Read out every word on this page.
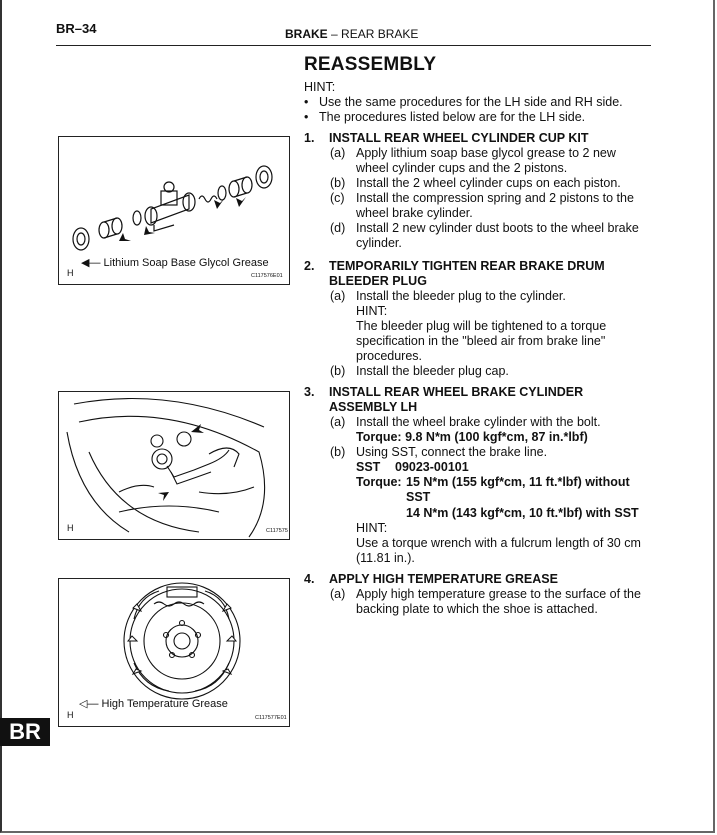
BR–34	BRAKE – REAR BRAKE
REASSEMBLY
HINT:
• Use the same procedures for the LH side and RH side.
• The procedures listed below are for the LH side.
1. INSTALL REAR WHEEL CYLINDER CUP KIT
(a) Apply lithium soap base glycol grease to 2 new
wheel cylinder cups and the 2 pistons.
(b) Install the 2 wheel cylinder cups on each piston.
(c) Install the compression spring and 2 pistons to the
wheel brake cylinder.
(d) Install 2 new cylinder dust boots to the wheel brake
cylinder.
2. TEMPORARILY TIGHTEN REAR BRAKE DRUM
BLEEDER PLUG
(a) Install the bleeder plug to the cylinder.
HINT:
The bleeder plug will be tightened to a torque
specification in the "bleed air from brake line"
procedures.
(b) Install the bleeder plug cap.
3. INSTALL REAR WHEEL BRAKE CYLINDER
ASSEMBLY LH
(a) Install the wheel brake cylinder with the bolt.
Torque: 9.8 N*m (100 kgf*cm, 87 in.*lbf)
(b) Using SST, connect the brake line.
SST 09023-00101
Torque: 15 N*m (155 kgf*cm, 11 ft.*lbf) without
SST
14 N*m (143 kgf*cm, 10 ft.*lbf) with SST
HINT:
Use a torque wrench with a fulcrum length of 30 cm
(11.81 in.).
4. APPLY HIGH TEMPERATURE GREASE
(a) Apply high temperature grease to the surface of the
backing plate to which the shoe is attached.
◀— Lithium Soap Base Glycol Grease
H	C117576E01
H	C117575
◁— High Temperature Grease
H	C117577E01
BR
